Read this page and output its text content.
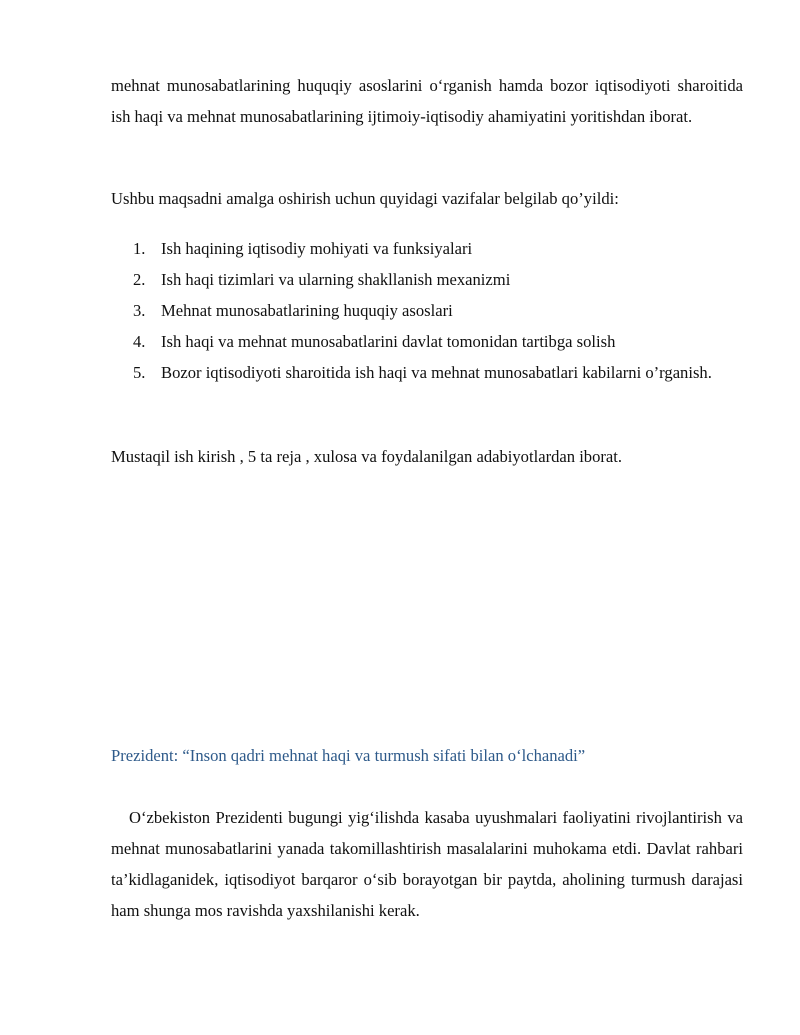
mehnat munosabatlarining huquqiy asoslarini o‘rganish hamda bozor iqtisodiyoti sharoitida ish haqi va mehnat munosabatlarining ijtimoiy-iqtisodiy ahamiyatini yoritishdan iborat.

Ushbu maqsadni amalga oshirish uchun quyidagi vazifalar belgilab qo’yildi:

1. Ish haqining iqtisodiy mohiyati va funksiyalari
2. Ish haqi tizimlari va ularning shakllanish mexanizmi
3. Mehnat munosabatlarining huquqiy asoslari
4. Ish haqi va mehnat munosabatlarini davlat tomonidan tartibga solish
5. Bozor iqtisodiyoti sharoitida ish haqi va mehnat munosabatlari kabilarni o’rganish.

Mustaqil ish kirish , 5 ta reja , xulosa va foydalanilgan adabiyotlardan iborat.

Prezident: “Inson qadri mehnat haqi va turmush sifati bilan o‘lchanadi”

O‘zbekiston Prezidenti bugungi yig‘ilishda kasaba uyushmalari faoliyatini rivojlantirish va mehnat munosabatlarini yanada takomillashtirish masalalarini muhokama etdi. Davlat rahbari ta’kidlaganidek, iqtisodiyot barqaror o‘sib borayotgan bir paytda, aholining turmush darajasi ham shunga mos ravishda yaxshilanishi kerak.
